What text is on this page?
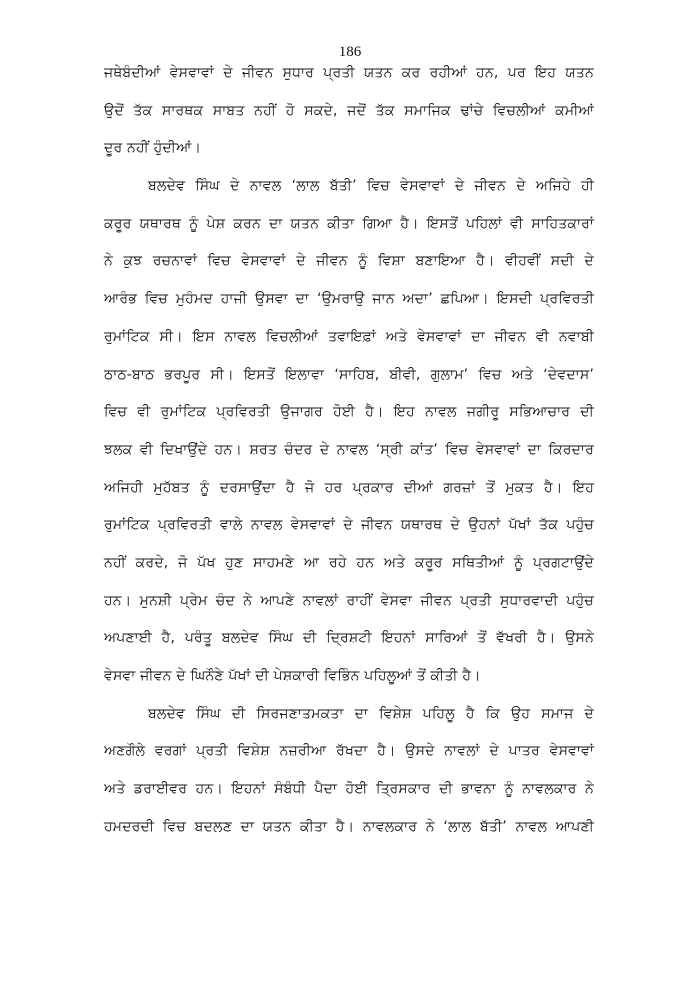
186
ਜਥੇਬੰਦੀਆਂ ਵੇਸਵਾਵਾਂ ਦੇ ਜੀਵਨ ਸੁਧਾਰ ਪ੍ਰਤੀ ਯਤਨ ਕਰ ਰਹੀਆਂ ਹਨ, ਪਰ ਇਹ ਯਤਨ
ਉਦੋਂ ਤੱਕ ਸਾਰਥਕ ਸਾਬਤ ਨਹੀਂ ਹੋ ਸਕਦੇ, ਜਦੋਂ ਤੱਕ ਸਮਾਜਿਕ ਢਾਂਚੇ ਵਿਚਲੀਆਂ ਕਮੀਆਂ
ਦੂਰ ਨਹੀਂ ਹੁੰਦੀਆਂ।
ਬਲਦੇਵ ਸਿੰਘ ਦੇ ਨਾਵਲ ‘ਲਾਲ ਬੱਤੀ’ ਵਿਚ ਵੇਸਵਾਵਾਂ ਦੇ ਜੀਵਨ ਦੇ ਅਜਿਹੇ ਹੀ
ਕਰੂਰ ਯਥਾਰਥ ਨੂੰ ਪੇਸ਼ ਕਰਨ ਦਾ ਯਤਨ ਕੀਤਾ ਗਿਆ ਹੈ। ਇਸਤੋਂ ਪਹਿਲਾਂ ਵੀ ਸਾਹਿਤਕਾਰਾਂ
ਨੇ ਕੁਝ ਰਚਨਾਵਾਂ ਵਿਚ ਵੇਸਵਾਵਾਂ ਦੇ ਜੀਵਨ ਨੂੰ ਵਿਸ਼ਾ ਬਣਾਇਆ ਹੈ। ਵੀਹਵੀਂ ਸਦੀ ਦੇ
ਆਰੰਭ ਵਿਚ ਮੁਹੰਮਦ ਹਾਜੀ ਉਸਵਾ ਦਾ ‘ਉਮਰਾਉ ਜਾਨ ਅਦਾ’ ਛਪਿਆ। ਇਸਦੀ ਪ੍ਰਵਿਰਤੀ
ਰੁਮਾਂਟਿਕ ਸੀ। ਇਸ ਨਾਵਲ ਵਿਚਲੀਆਂ ਤਵਾਇਫ਼ਾਂ ਅਤੇ ਵੇਸਵਾਵਾਂ ਦਾ ਜੀਵਨ ਵੀ ਨਵਾਬੀ
ਠਾਠ-ਬਾਠ ਭਰਪੂਰ ਸੀ। ਇਸਤੋਂ ਇਲਾਵਾ ‘ਸਾਹਿਬ, ਬੀਵੀ, ਗੁਲਾਮ’ ਵਿਚ ਅਤੇ ‘ਦੇਵਦਾਸ’
ਵਿਚ ਵੀ ਰੁਮਾਂਟਿਕ ਪ੍ਰਵਿਰਤੀ ਉਜਾਗਰ ਹੋਈ ਹੈ। ਇਹ ਨਾਵਲ ਜਗੀਰੂ ਸਭਿਆਚਾਰ ਦੀ
ਝਲਕ ਵੀ ਦਿਖਾਉਂਦੇ ਹਨ। ਸ਼ਰਤ ਚੰਦਰ ਦੇ ਨਾਵਲ ‘ਸ੍ਰੀ ਕਾਂਤ’ ਵਿਚ ਵੇਸਵਾਵਾਂ ਦਾ ਕਿਰਦਾਰ
ਅਜਿਹੀ ਮੁਹੱਬਤ ਨੂੰ ਦਰਸਾਉਂਦਾ ਹੈ ਜੋ ਹਰ ਪ੍ਰਕਾਰ ਦੀਆਂ ਗਰਜ਼ਾਂ ਤੋਂ ਮੁਕਤ ਹੈ। ਇਹ
ਰੁਮਾਂਟਿਕ ਪ੍ਰਵਿਰਤੀ ਵਾਲੇ ਨਾਵਲ ਵੇਸਵਾਵਾਂ ਦੇ ਜੀਵਨ ਯਥਾਰਥ ਦੇ ਉਹਨਾਂ ਪੱਖਾਂ ਤੱਕ ਪਹੁੰਚ
ਨਹੀਂ ਕਰਦੇ, ਜੋ ਪੱਖ ਹੁਣ ਸਾਹਮਣੇ ਆ ਰਹੇ ਹਨ ਅਤੇ ਕਰੂਰ ਸਥਿਤੀਆਂ ਨੂੰ ਪ੍ਰਗਟਾਉਂਦੇ
ਹਨ। ਮੁਨਸ਼ੀ ਪ੍ਰੇਮ ਚੰਦ ਨੇ ਆਪਣੇ ਨਾਵਲਾਂ ਰਾਹੀਂ ਵੇਸਵਾ ਜੀਵਨ ਪ੍ਰਤੀ ਸੁਧਾਰਵਾਦੀ ਪਹੁੰਚ
ਅਪਣਾਈ ਹੈ, ਪਰੰਤੂ ਬਲਦੇਵ ਸਿੰਘ ਦੀ ਦ੍ਰਿਸ਼ਟੀ ਇਹਨਾਂ ਸਾਰਿਆਂ ਤੋਂ ਵੱਖਰੀ ਹੈ। ਉਸਨੇ
ਵੇਸਵਾ ਜੀਵਨ ਦੇ ਘਿਨੌਣੇ ਪੱਖਾਂ ਦੀ ਪੇਸ਼ਕਾਰੀ ਵਿਭਿੰਨ ਪਹਿਲੂਆਂ ਤੋਂ ਕੀਤੀ ਹੈ।
ਬਲਦੇਵ ਸਿੰਘ ਦੀ ਸਿਰਜਣਾਤਮਕਤਾ ਦਾ ਵਿਸ਼ੇਸ਼ ਪਹਿਲੂ ਹੈ ਕਿ ਉਹ ਸਮਾਜ ਦੇ
ਅਣਗੌਲੇ ਵਰਗਾਂ ਪ੍ਰਤੀ ਵਿਸ਼ੇਸ਼ ਨਜ਼ਰੀਆ ਰੱਖਦਾ ਹੈ। ਉਸਦੇ ਨਾਵਲਾਂ ਦੇ ਪਾਤਰ ਵੇਸਵਾਵਾਂ
ਅਤੇ ਡਰਾਈਵਰ ਹਨ। ਇਹਨਾਂ ਸੰਬੰਧੀ ਪੈਦਾ ਹੋਈ ਤ੍ਰਿਸਕਾਰ ਦੀ ਭਾਵਨਾ ਨੂੰ ਨਾਵਲਕਾਰ ਨੇ
ਹਮਦਰਦੀ ਵਿਚ ਬਦਲਣ ਦਾ ਯਤਨ ਕੀਤਾ ਹੈ। ਨਾਵਲਕਾਰ ਨੇ ‘ਲਾਲ ਬੱਤੀ’ ਨਾਵਲ ਆਪਣੀ
